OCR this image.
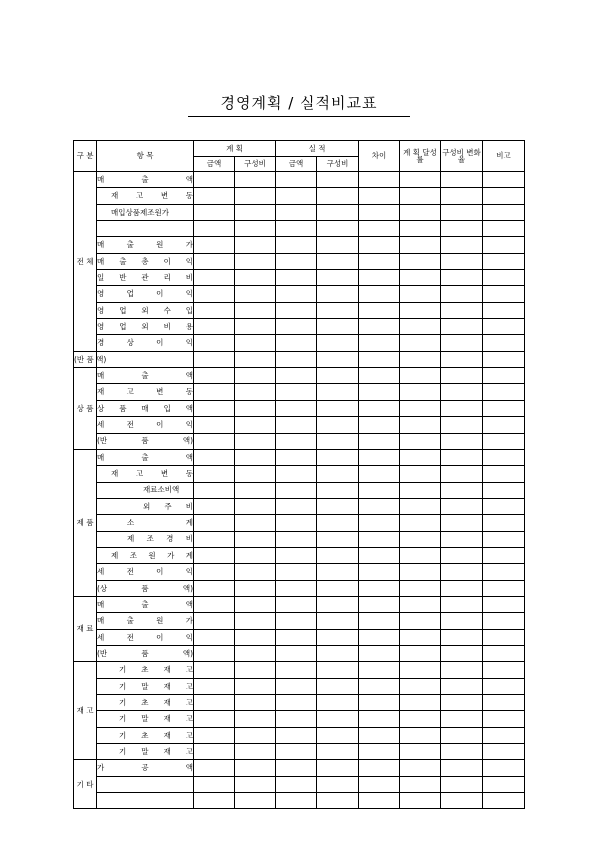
경영계획 / 실적비교표
구 분	항 목	계 획		실 적		차이	계 획 달성률	구성비 변화율	비고
		금액	구성비	금액	구성비				
전 체	매 출 액								
	재 고 변 동								
	매입상품제조원가								

	매 출 원 가								
	매 출 총 이 익								
	일 반 관 리 비								
	영 업 이 익								
	영 업 외 수 입								
	영 업 외 비 용								
	경 상 이 익								
(반 품 액)									
상 품	매 출 액								
	재 고 변 동								
	상 품 매 입 액								
	세 전 이 익								
	(반 품 액)								
제 품	매 출 액								
	재 고 변 동								
	재료소비액								
	외 주 비								
	소 계								
	제 조 경 비								
	제 조 원 가 계								
	세 전 이 익								
	(상 품 액)								
재 료	매 출 액								
	매 출 원 가								
	세 전 이 익								
	(반 품 액)								
재 고	기 초 재 고								
	기 말 재 고								
	기 초 재 고								
	기 말 재 고								
	기 초 재 고								
	기 말 재 고								
기 타	가 공 액								
